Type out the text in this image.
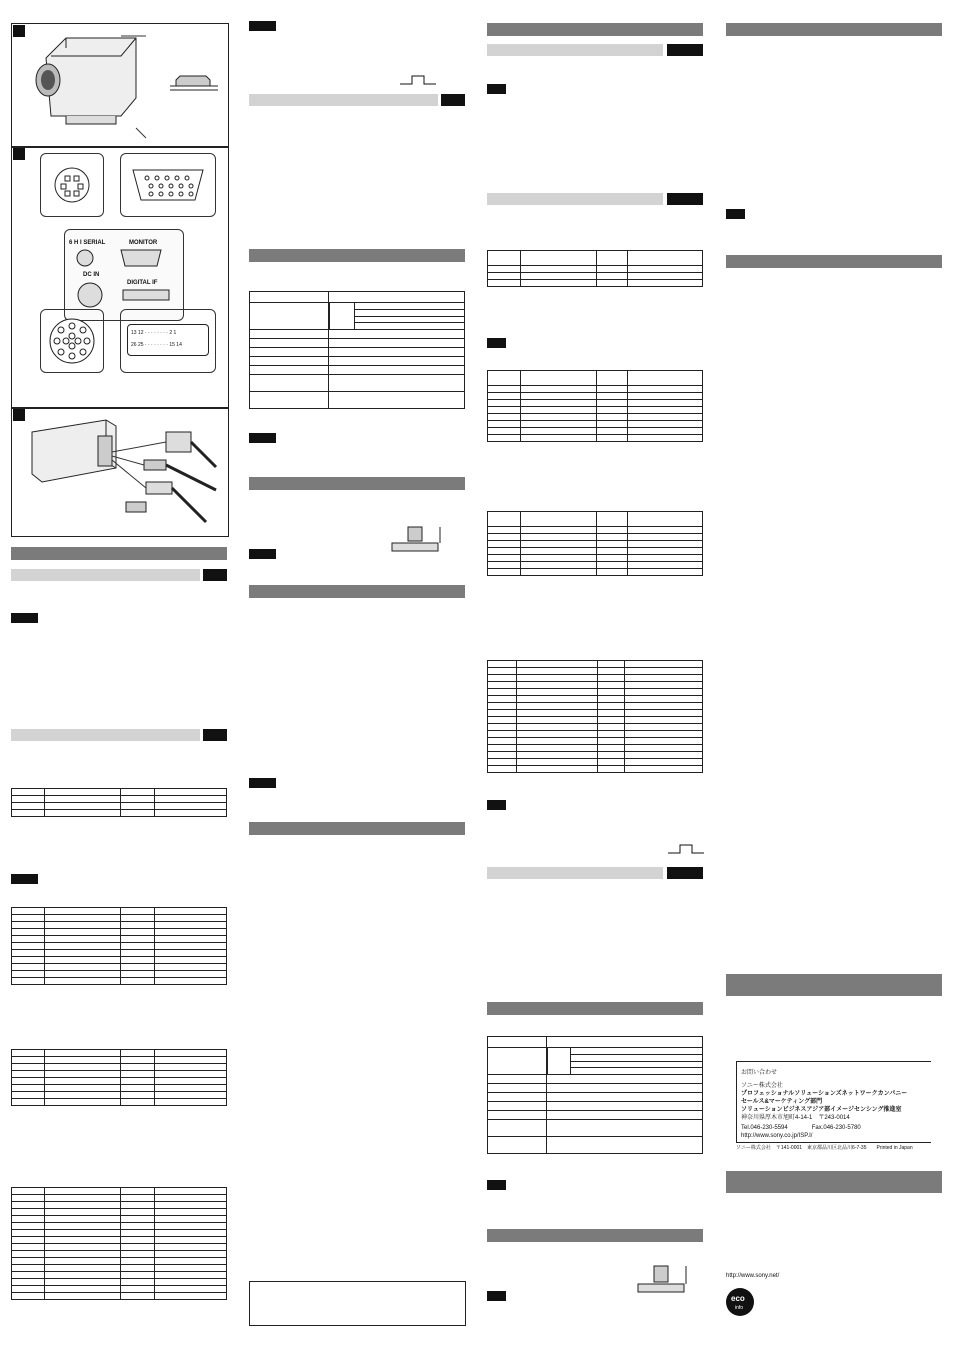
6 H I SERIAL	MONITOR
DC IN
DIGITAL IF
13 12 · · · · · · · · 2 1
26 25 · · · · · · · · 15 14

お問い合わせ
ソニー株式会社
プロフェッショナルソリューションズネットワークカンパニー
セールス&マーケティング部門
ソリューションビジネスアジア部イメージセンシング推進室
神奈川県厚木市旭町4-14-1　〒243-0014
Tel.046-230-5594　　　　Fax.046-230-5780
http://www.sony.co.jp/ISP.I/
ソニー株式会社　〒141-0001　東京都品川区北品川6-7-35　　Printed in Japan
http://www.sony.net/
eco
info
